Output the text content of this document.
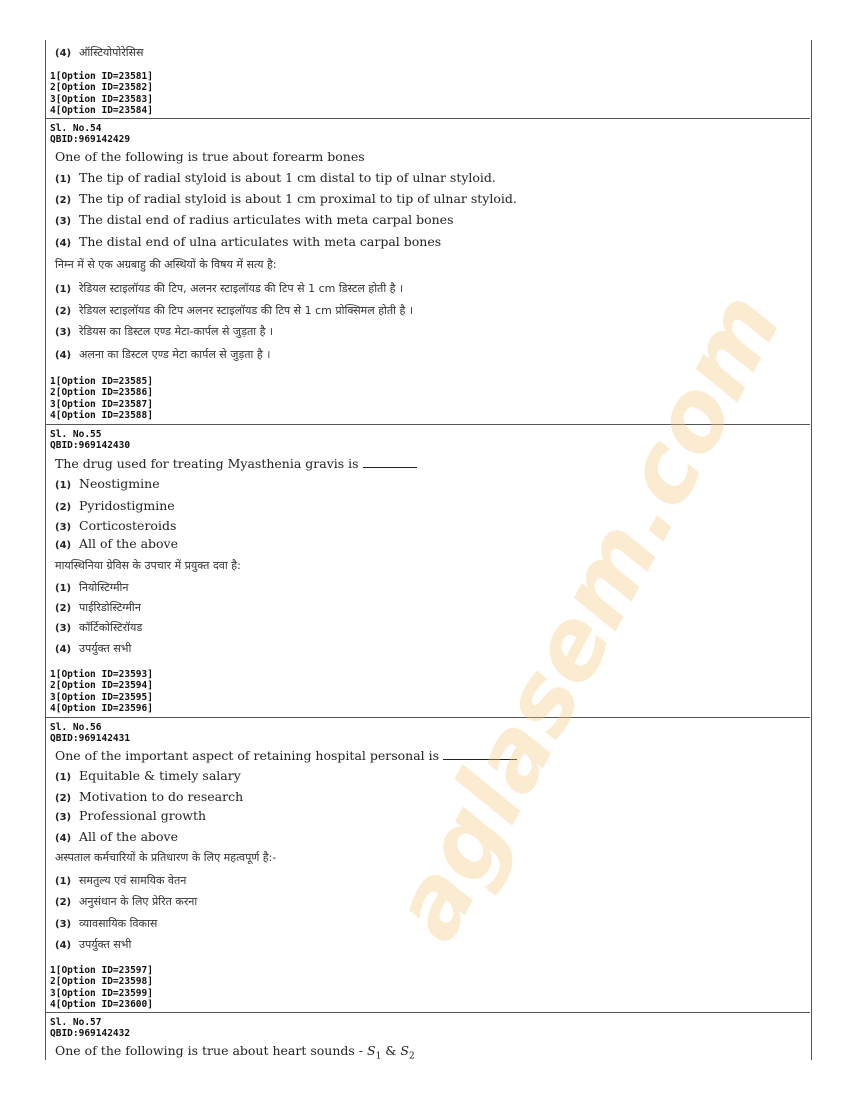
(4) ऑस्टियोपोरेसिस
1[Option ID=23581]
2[Option ID=23582]
3[Option ID=23583]
4[Option ID=23584]
Sl. No.54
QBID:969142429
One of the following is true about forearm bones
(1) The tip of radial styloid is about 1 cm distal to tip of ulnar styloid.
(2) The tip of radial styloid is about 1 cm proximal to tip of ulnar styloid.
(3) The distal end of radius articulates with meta carpal bones
(4) The distal end of ulna articulates with meta carpal bones
निम्न में से एक अग्रबाहु की अस्थियों के विषय में सत्य है:
(1) रेडियल स्टाइलॉयड की टिप, अलनर स्टाइलॉयड की टिप से 1 cm डिस्टल होती है ।
(2) रेडियल स्टाइलॉयड की टिप अलनर स्टाइलॉयड की टिप से 1 cm प्रोक्सिमल होती है ।
(3) रेडियस का डिस्टल एण्ड मेटा-कार्पल से जुड़ता है ।
(4) अलना का डिस्टल एण्ड मेटा कार्पल से जुड़ता है ।
1[Option ID=23585]
2[Option ID=23586]
3[Option ID=23587]
4[Option ID=23588]
Sl. No.55
QBID:969142430
The drug used for treating Myasthenia gravis is
(1) Neostigmine
(2) Pyridostigmine
(3) Corticosteroids
(4) All of the above
मायस्थिनिया ग्रेविस के उपचार में प्रयुक्त दवा है:
(1) नियोस्टिग्मीन
(2) पाईरिडोस्टिग्मीन
(3) कॉर्टिकोस्टिरॉयड
(4) उपर्युक्त सभी
1[Option ID=23593]
2[Option ID=23594]
3[Option ID=23595]
4[Option ID=23596]
Sl. No.56
QBID:969142431
One of the important aspect of retaining hospital personal is
(1) Equitable & timely salary
(2) Motivation to do research
(3) Professional growth
(4) All of the above
अस्पताल कर्मचारियों के प्रतिधारण के लिए महत्वपूर्ण है:-
(1) समतुल्य एवं सामयिक वेतन
(2) अनुसंधान के लिए प्रेरित करना
(3) व्यावसायिक विकास
(4) उपर्युक्त सभी
1[Option ID=23597]
2[Option ID=23598]
3[Option ID=23599]
4[Option ID=23600]
Sl. No.57
QBID:969142432
One of the following is true about heart sounds - $S_1$ & $S_2$
aglasem.com
